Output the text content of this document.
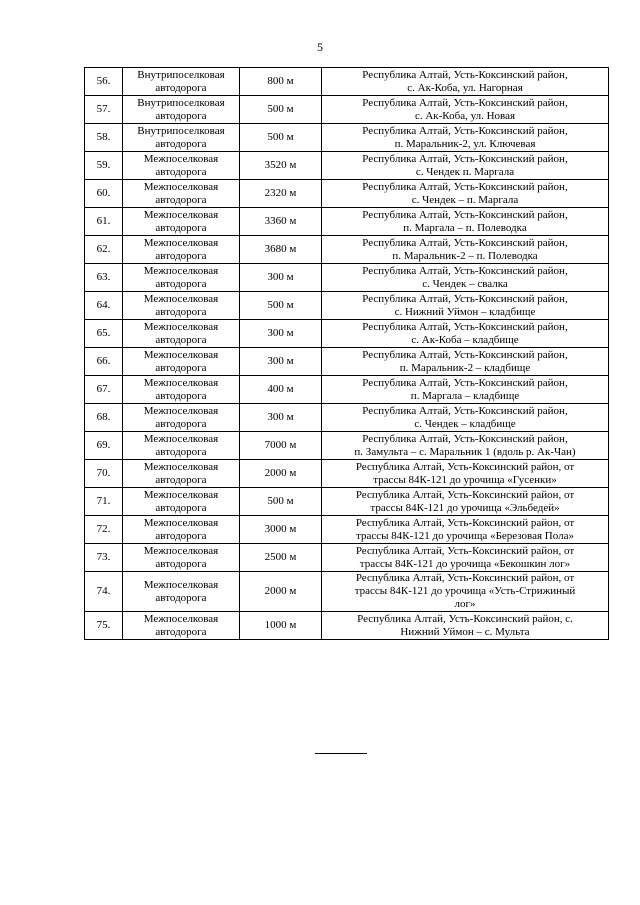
5
56.	Внутрипоселковая
автодорога	800 м	Республика Алтай, Усть-Коксинский район,
с. Ак-Коба, ул. Нагорная

57.	Внутрипоселковая
автодорога	500 м	Республика Алтай, Усть-Коксинский район,
с. Ак-Коба, ул. Новая

58.	Внутрипоселковая
автодорога	500 м	Республика Алтай, Усть-Коксинский район,
п. Маральник-2, ул. Ключевая

59.	Межпоселковая
автодорога	3520 м	Республика Алтай, Усть-Коксинский район,
с. Чендек п. Маргала

60.	Межпоселковая
автодорога	2320 м	Республика Алтай, Усть-Коксинский район,
с. Чендек – п. Маргала

61.	Межпоселковая
автодорога	3360 м	Республика Алтай, Усть-Коксинский район,
п. Маргала – п. Полеводка

62.	Межпоселковая
автодорога	3680 м	Республика Алтай, Усть-Коксинский район,
п. Маральник-2 – п. Полеводка

63.	Межпоселковая
автодорога	300 м	Республика Алтай, Усть-Коксинский район,
с. Чендек – свалка

64.	Межпоселковая
автодорога	500 м	Республика Алтай, Усть-Коксинский район,
с. Нижний Уймон – кладбище

65.	Межпоселковая
автодорога	300 м	Республика Алтай, Усть-Коксинский район,
с. Ак-Коба – кладбище

66.	Межпоселковая
автодорога	300 м	Республика Алтай, Усть-Коксинский район,
п. Маральник-2 – кладбище

67.	Межпоселковая
автодорога	400 м	Республика Алтай, Усть-Коксинский район,
п. Маргала – кладбище

68.	Межпоселковая
автодорога	300 м	Республика Алтай, Усть-Коксинский район,
с. Чендек – кладбище

69.	Межпоселковая
автодорога	7000 м	Республика Алтай, Усть-Коксинский район,
п. Замульта – с. Маральник 1 (вдоль р. Ак-Чан)

70.	Межпоселковая
автодорога	2000 м	Республика Алтай, Усть-Коксинский район, от
трассы 84К-121 до урочища «Гусенки»

71.	Межпоселковая
автодорога	500 м	Республика Алтай, Усть-Коксинский район, от
трассы 84К-121 до урочища «Эльбедей»

72.	Межпоселковая
автодорога	3000 м	Республика Алтай, Усть-Коксинский район, от
трассы 84К-121 до урочища «Березовая Пола»

73.	Межпоселковая
автодорога	2500 м	Республика Алтай, Усть-Коксинский район, от
трассы 84К-121 до урочища «Бекошкин лог»

74.	Межпоселковая
автодорога	2000 м	Республика Алтай, Усть-Коксинский район, от
трассы 84К-121 до урочища «Усть-Стрижиный
лог»

75.	Межпоселковая
автодорога	1000 м	Республика Алтай, Усть-Коксинский район, с.
Нижний Уймон – с. Мульта
